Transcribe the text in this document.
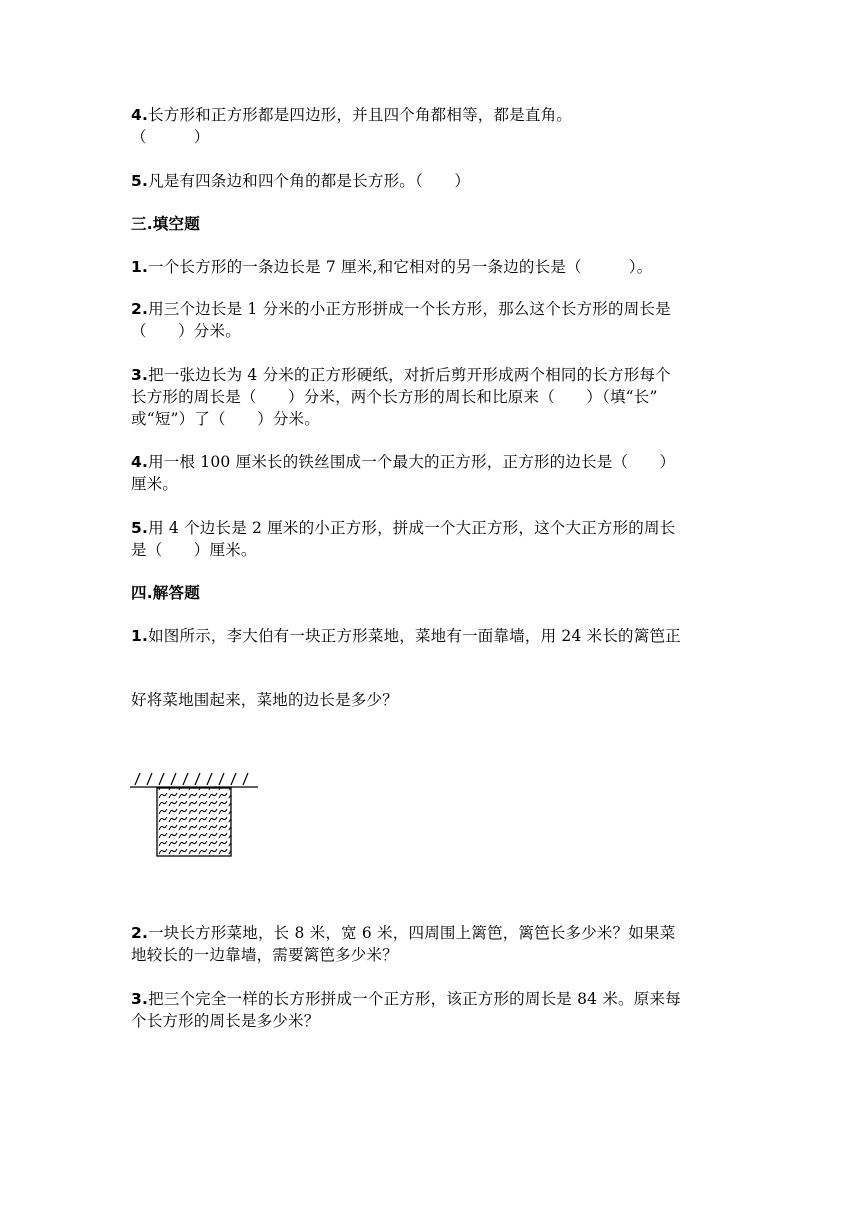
4.长方形和正方形都是四边形，并且四个角都相等，都是直角。
（　　　）
5.凡是有四条边和四个角的都是长方形。（　　）
三.填空题
1.一个长方形的一条边长是 7 厘米,和它相对的另一条边的长是（　　　）。
2.用三个边长是 1 分米的小正方形拼成一个长方形，那么这个长方形的周长是
（　　）分米。
3.把一张边长为 4 分米的正方形硬纸，对折后剪开形成两个相同的长方形每个
长方形的周长是（　　）分米，两个长方形的周长和比原来（　　）（填“长”
或“短”）了（　　）分米。
4.用一根 100 厘米长的铁丝围成一个最大的正方形，正方形的边长是（　　）
厘米。
5.用 4 个边长是 2 厘米的小正方形，拼成一个大正方形，这个大正方形的周长
是（　　）厘米。
四.解答题
1.如图所示，李大伯有一块正方形菜地，菜地有一面靠墙，用 24 米长的篱笆正
好将菜地围起来，菜地的边长是多少？
2.一块长方形菜地，长 8 米，宽 6 米，四周围上篱笆，篱笆长多少米？如果菜
地较长的一边靠墙，需要篱笆多少米？
3.把三个完全一样的长方形拼成一个正方形，该正方形的周长是 84 米。原来每
个长方形的周长是多少米？
